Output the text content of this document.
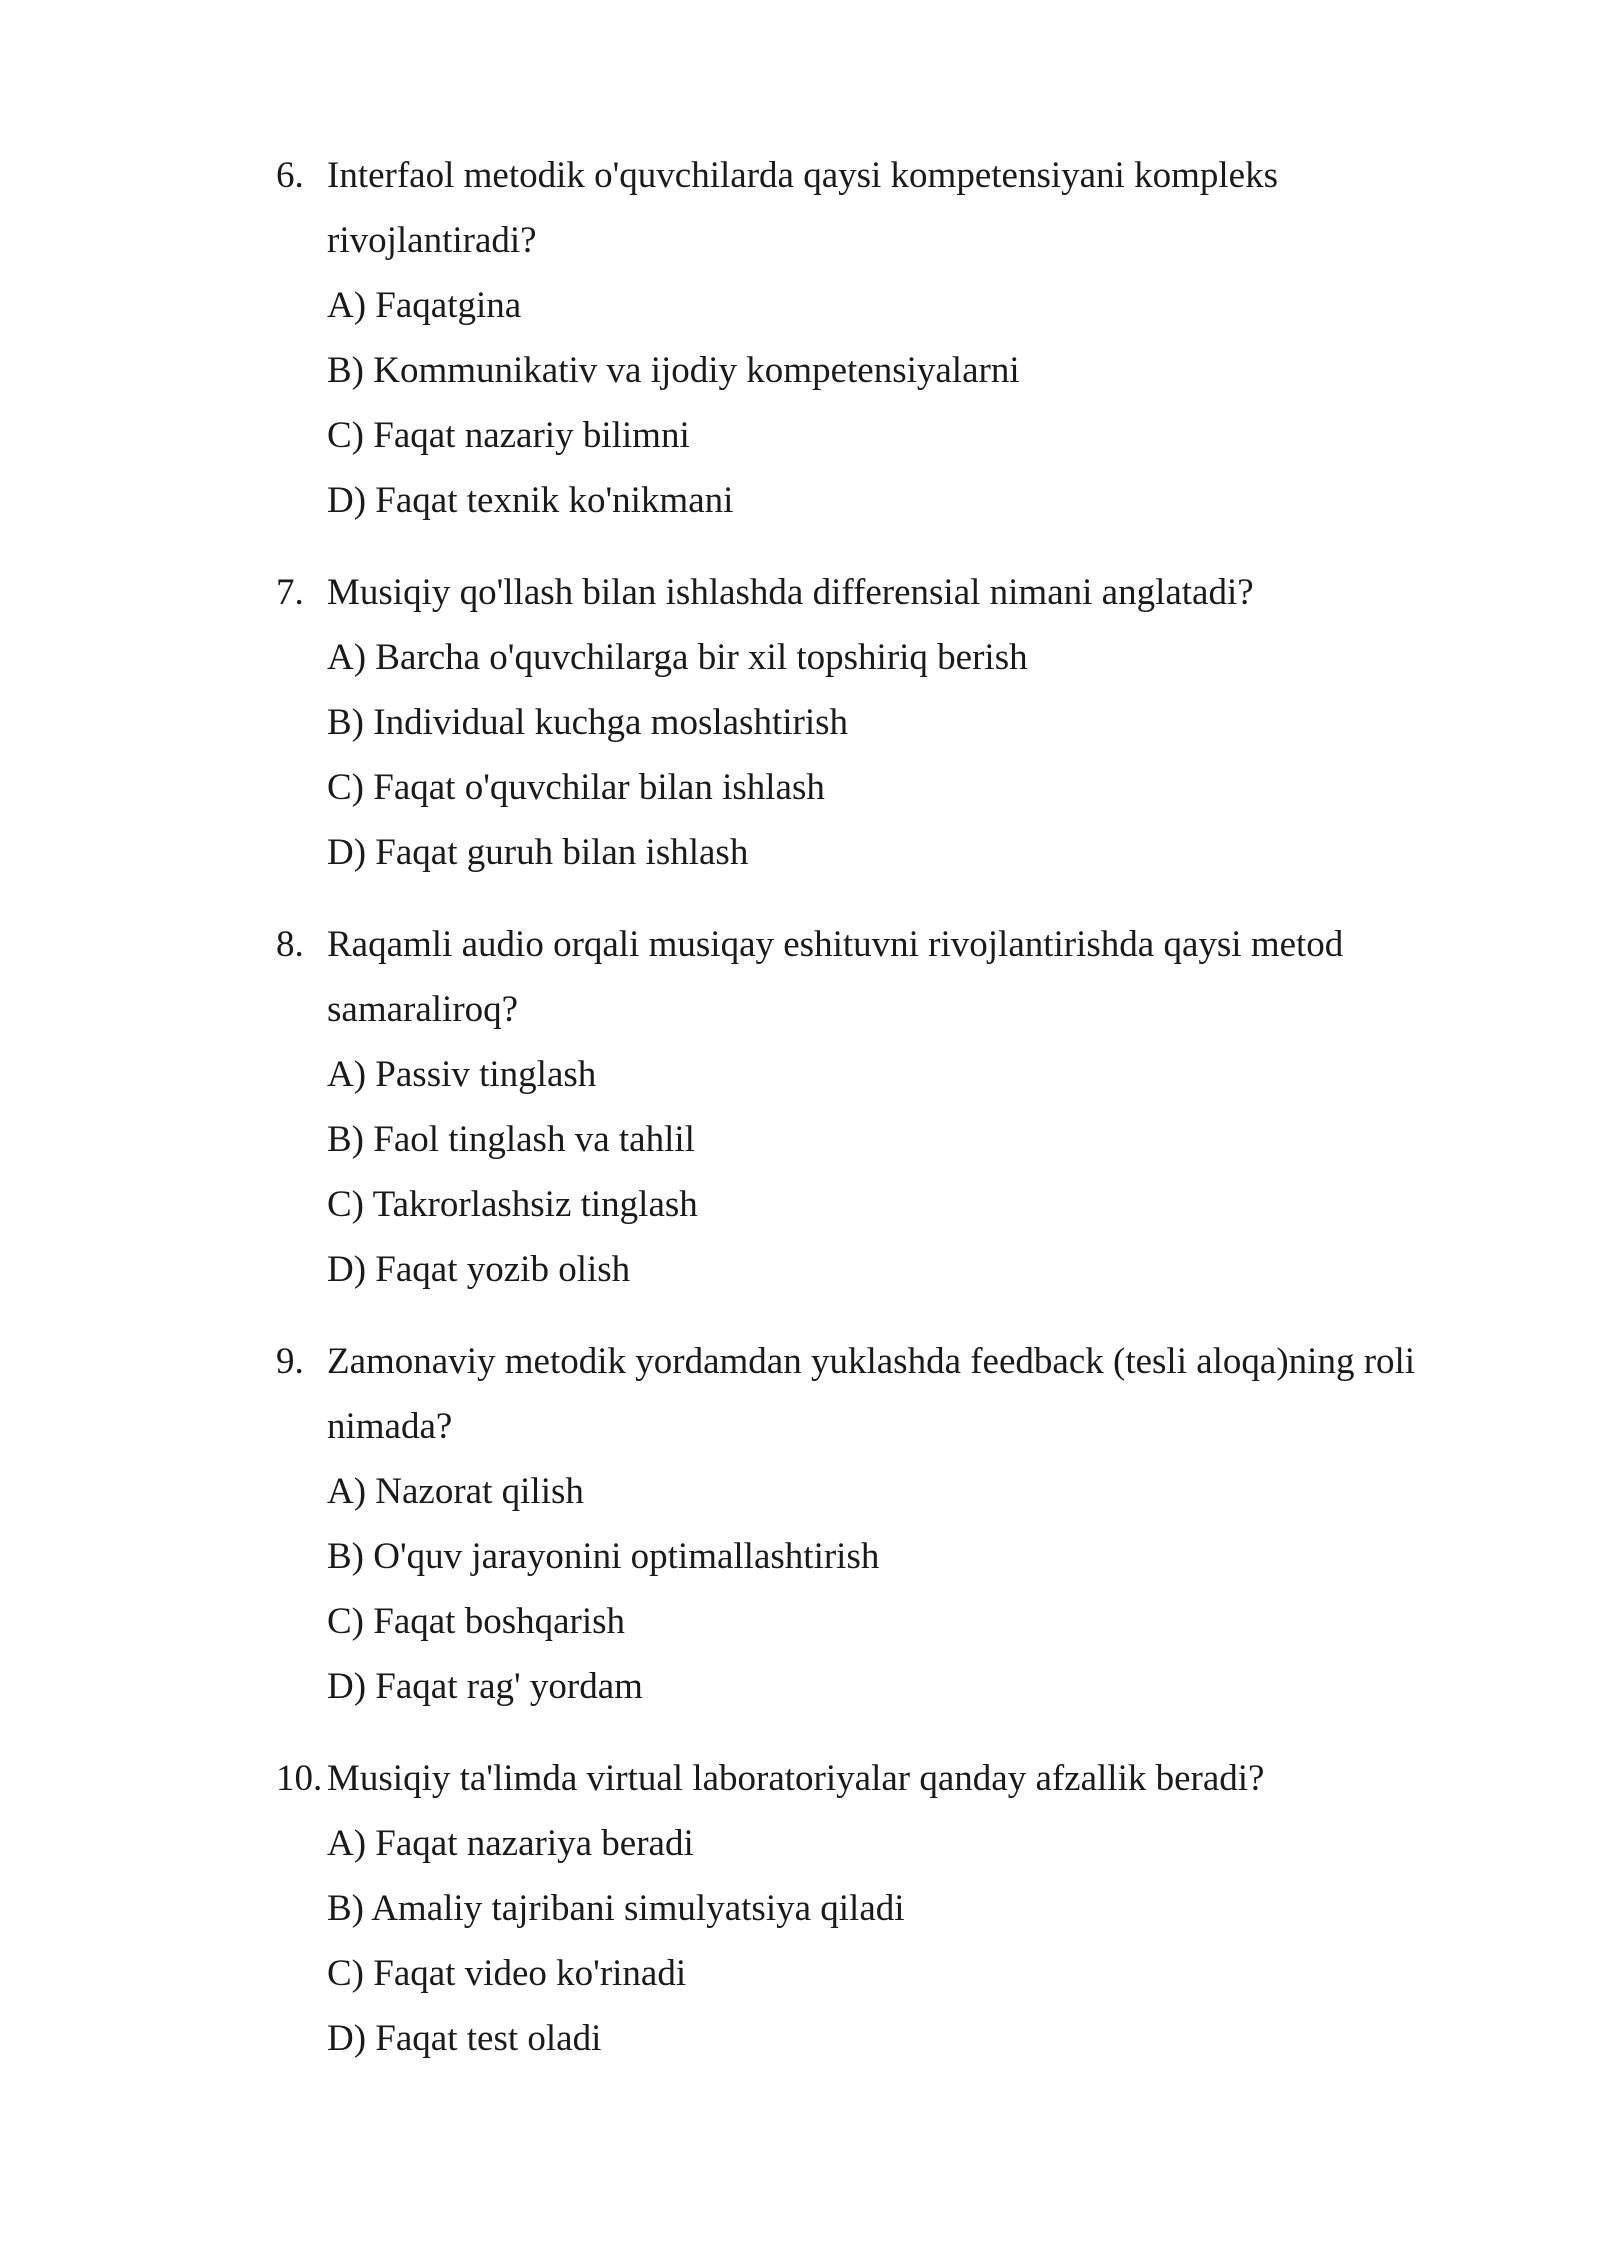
6. Interfaol metodik o'quvchilarda qaysi kompetensiyani kompleks
rivojlantiradi?
A) Faqatgina
B) Kommunikativ va ijodiy kompetensiyalarni
C) Faqat nazariy bilimni
D) Faqat texnik ko'nikmani
7. Musiqiy qo'llash bilan ishlashda differensial nimani anglatadi?
A) Barcha o'quvchilarga bir xil topshiriq berish
B) Individual kuchga moslashtirish
C) Faqat o'quvchilar bilan ishlash
D) Faqat guruh bilan ishlash
8. Raqamli audio orqali musiqay eshituvni rivojlantirishda qaysi metod
samaraliroq?
A) Passiv tinglash
B) Faol tinglash va tahlil
C) Takrorlashsiz tinglash
D) Faqat yozib olish
9. Zamonaviy metodik yordamdan yuklashda feedback (tesli aloqa)ning roli
nimada?
A) Nazorat qilish
B) O'quv jarayonini optimallashtirish
C) Faqat boshqarish
D) Faqat rag' yordam
10. Musiqiy ta'limda virtual laboratoriyalar qanday afzallik beradi?
A) Faqat nazariya beradi
B) Amaliy tajribani simulyatsiya qiladi
C) Faqat video ko'rinadi
D) Faqat test oladi
